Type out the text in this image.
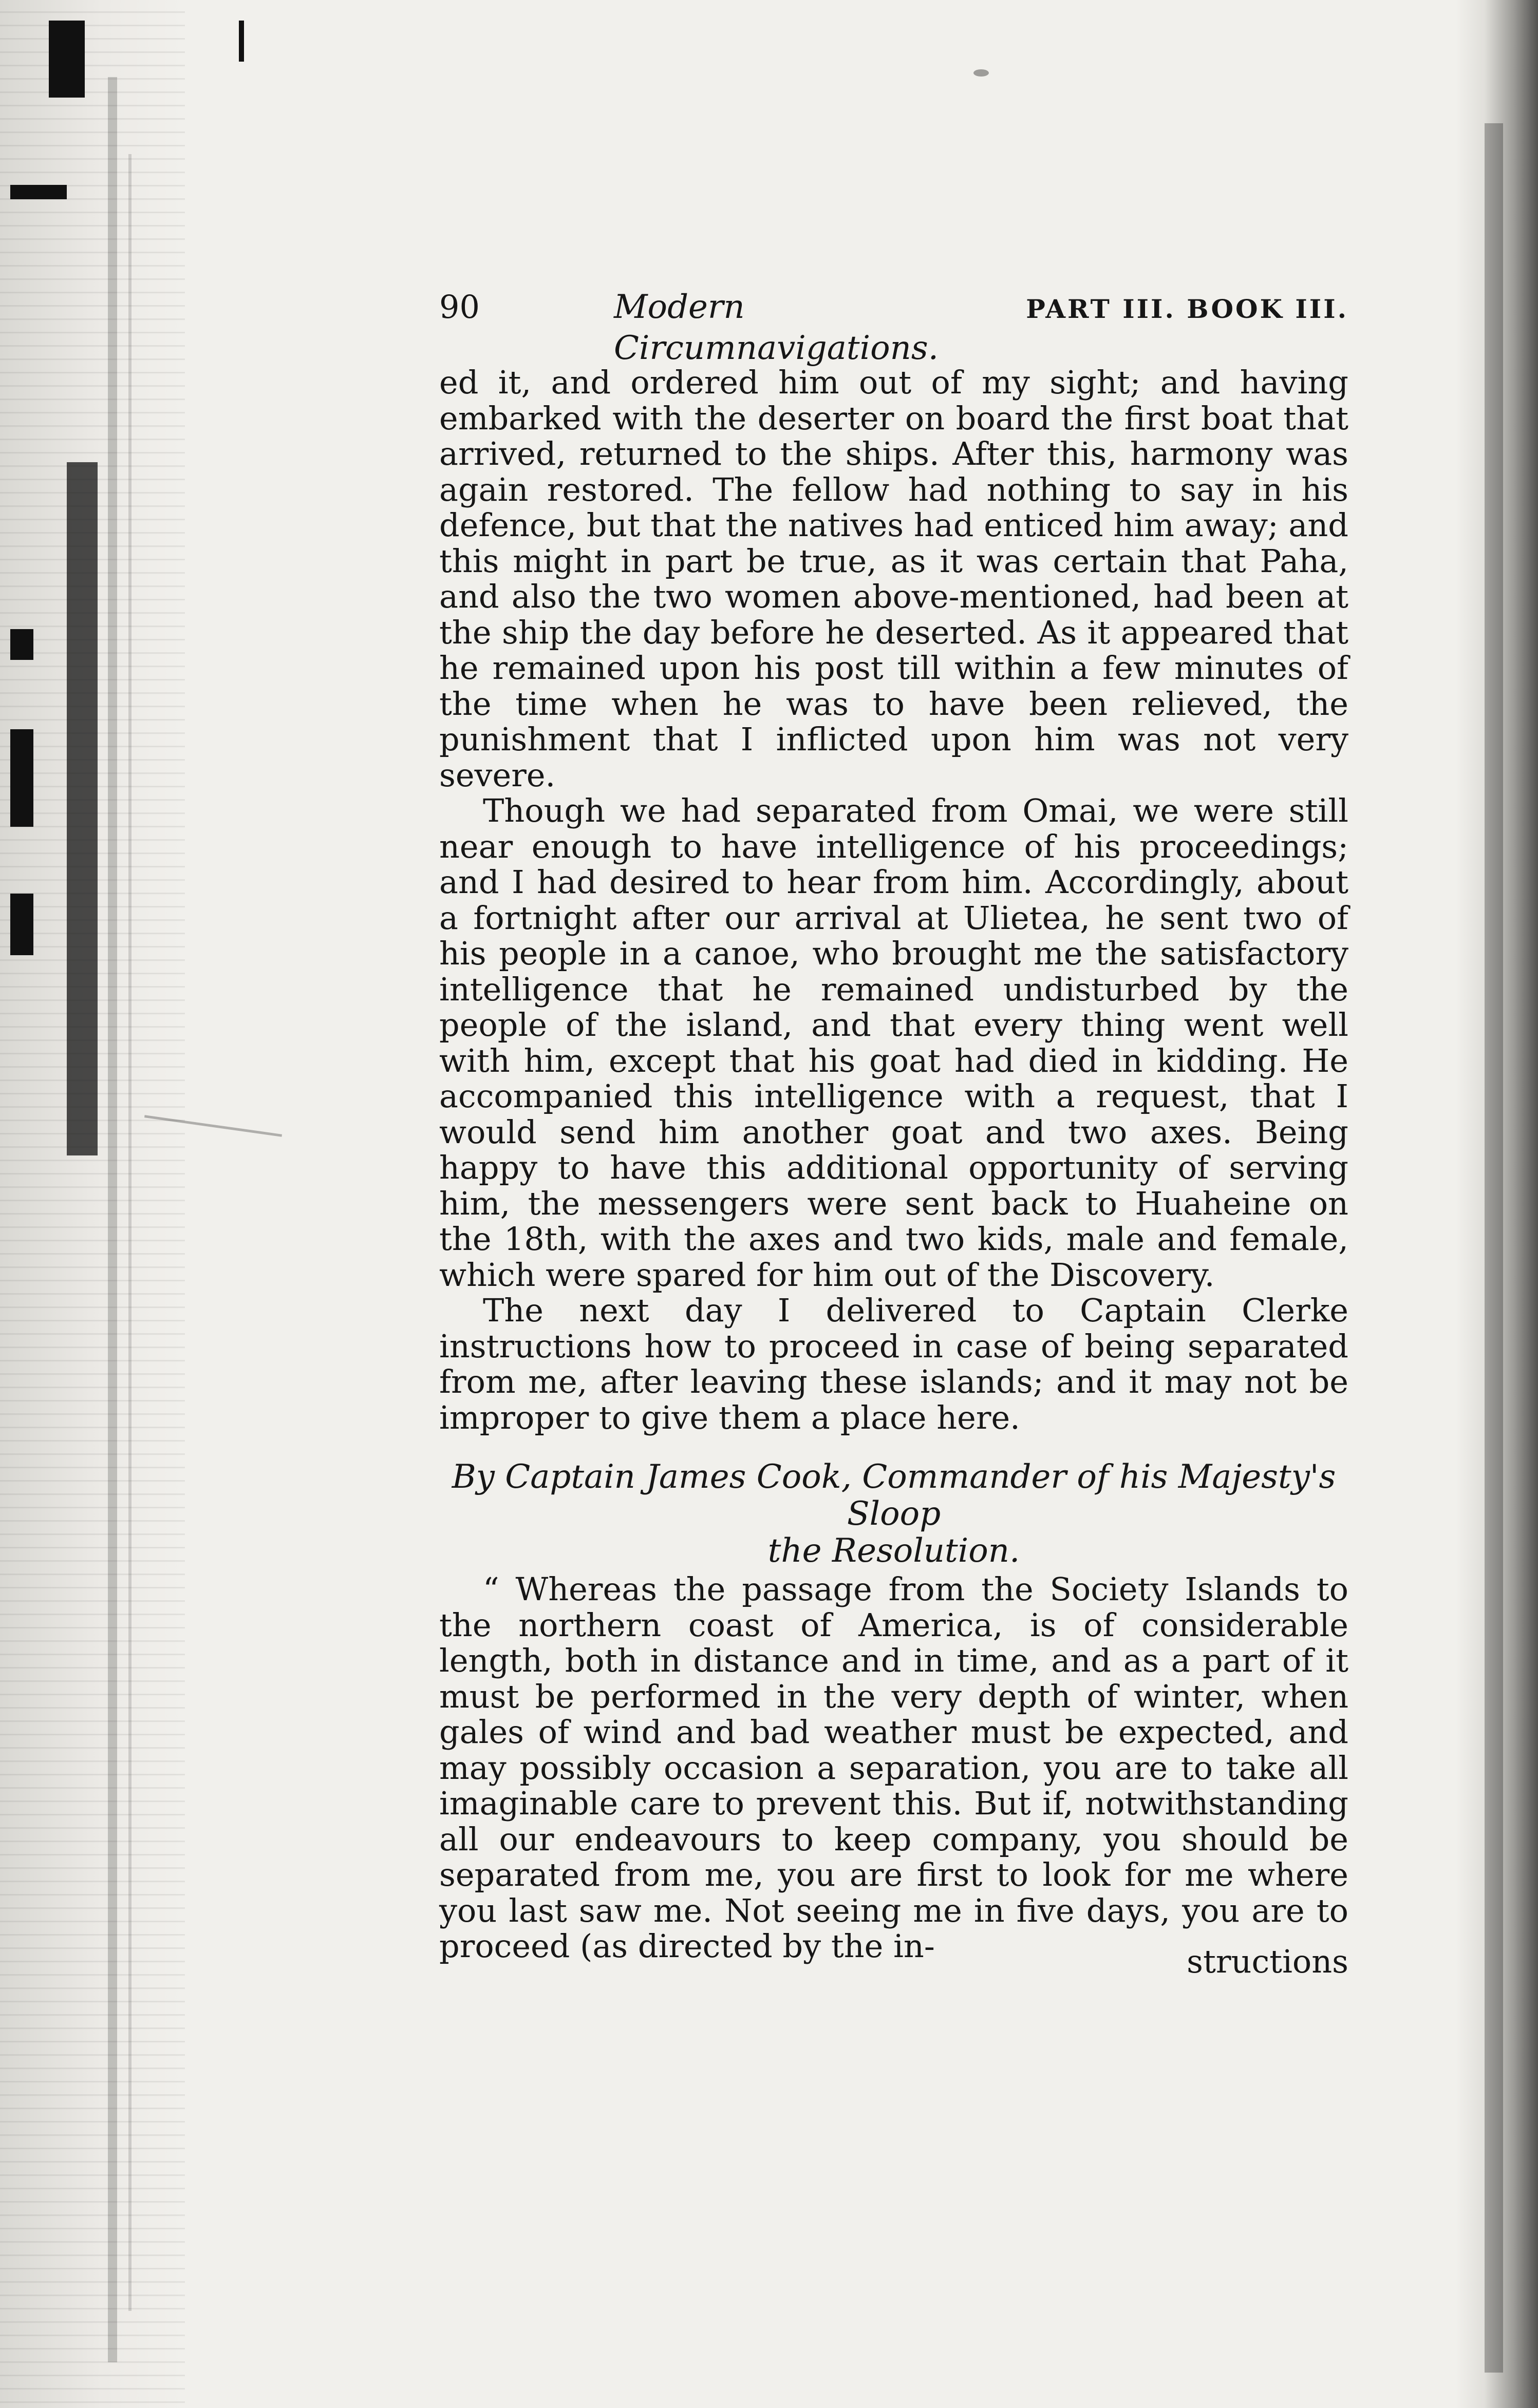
90	Modern Circumnavigations.
PART III. BOOK III.

ed it, and ordered him out of my sight; and having embarked with the deserter on board the first boat that arrived, returned to the ships. After this, harmony was again restored. The fellow had nothing to say in his defence, but that the natives had enticed him away; and this might in part be true, as it was certain that Paha, and also the two women above-mentioned, had been at the ship the day before he deserted. As it appeared that he remained upon his post till within a few minutes of the time when he was to have been relieved, the punishment that I inflicted upon him was not very severe.

Though we had separated from Omai, we were still near enough to have intelligence of his proceedings; and I had desired to hear from him. Accordingly, about a fortnight after our arrival at Ulietea, he sent two of his people in a canoe, who brought me the satisfactory intelligence that he remained undisturbed by the people of the island, and that every thing went well with him, except that his goat had died in kidding. He accompanied this intelligence with a request, that I would send him another goat and two axes. Being happy to have this additional opportunity of serving him, the messengers were sent back to Huaheine on the 18th, with the axes and two kids, male and female, which were spared for him out of the Discovery.

The next day I delivered to Captain Clerke instructions how to proceed in case of being separated from me, after leaving these islands; and it may not be improper to give them a place here.

By Captain James Cook, Commander of his Majesty's Sloop
the Resolution.

“ Whereas the passage from the Society Islands to the northern coast of America, is of considerable length, both in distance and in time, and as a part of it must be performed in the very depth of winter, when gales of wind and bad weather must be expected, and may possibly occasion a separation, you are to take all imaginable care to prevent this. But if, notwithstanding all our endeavours to keep company, you should be separated from me, you are first to look for me where you last saw me. Not seeing me in five days, you are to proceed (as directed by the in-	structions
